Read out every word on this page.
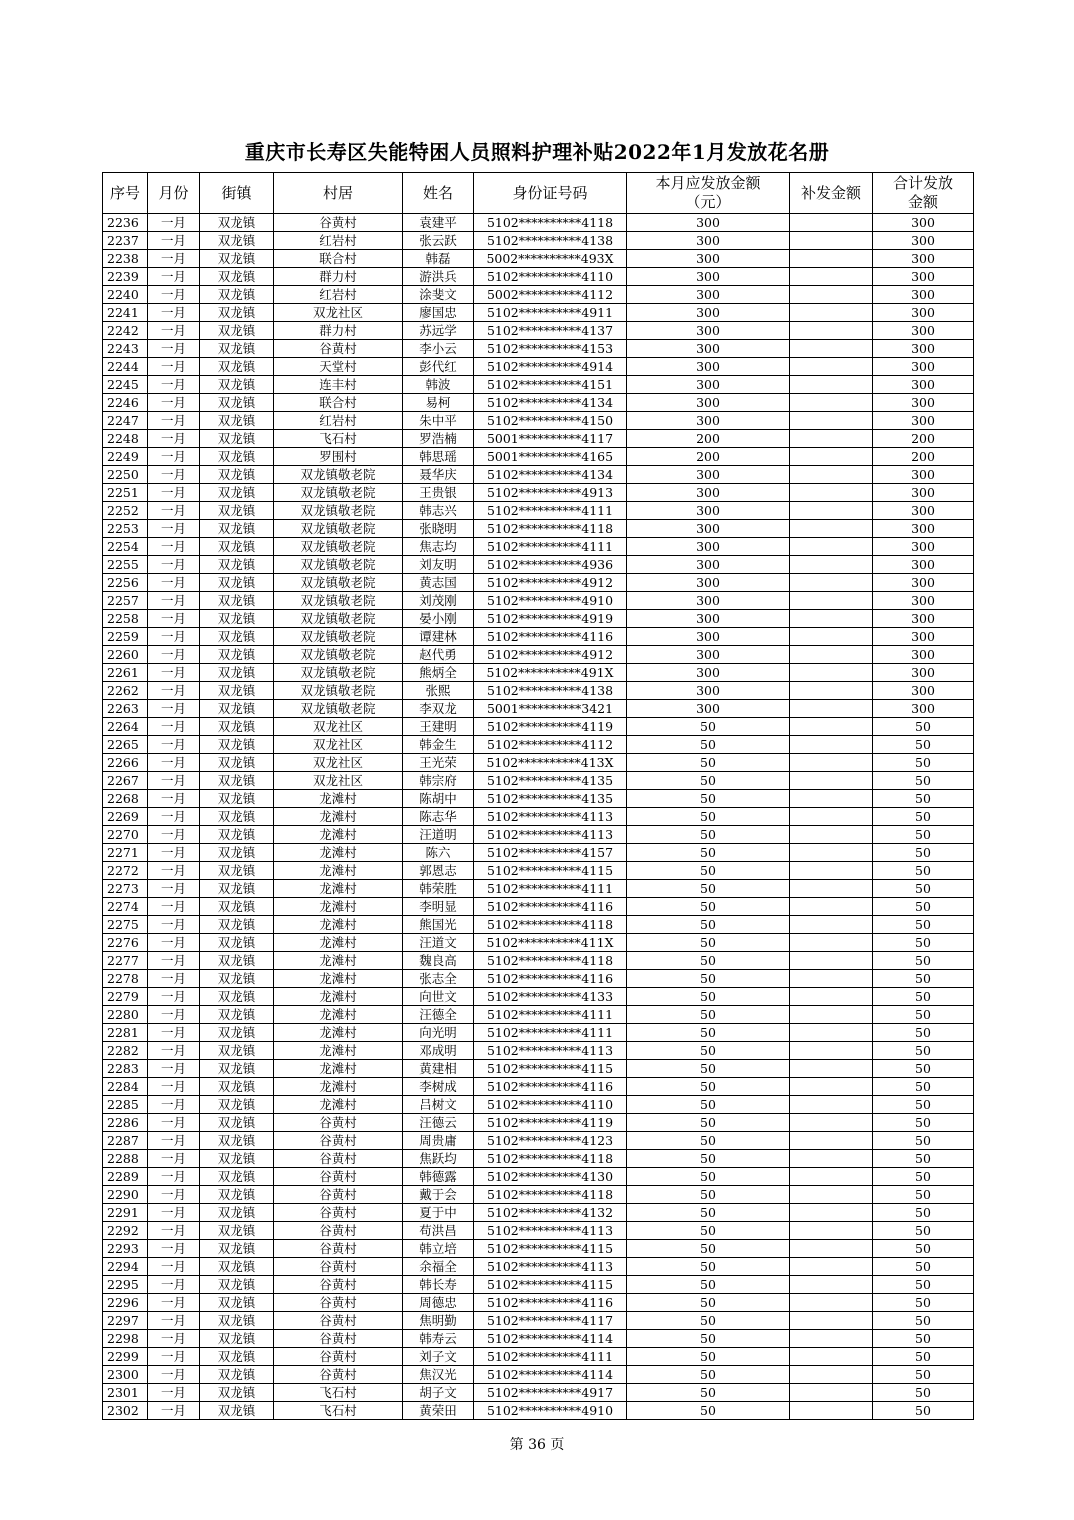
重庆市长寿区失能特困人员照料护理补贴2022年1月发放花名册
序号	月份	街镇	村居	姓名	身份证号码	本月应发放金额（元）	补发金额	合计发放金额
2236	一月	双龙镇	谷黄村	袁建平	5102**********4118	300		300
2237	一月	双龙镇	红岩村	张云跃	5102**********4138	300		300
2238	一月	双龙镇	联合村	韩磊	5002**********493X	300		300
2239	一月	双龙镇	群力村	游洪兵	5102**********4110	300		300
2240	一月	双龙镇	红岩村	涂斐文	5002**********4112	300		300
2241	一月	双龙镇	双龙社区	廖国忠	5102**********4911	300		300
2242	一月	双龙镇	群力村	苏远学	5102**********4137	300		300
2243	一月	双龙镇	谷黄村	李小云	5102**********4153	300		300
2244	一月	双龙镇	天堂村	彭代红	5102**********4914	300		300
2245	一月	双龙镇	连丰村	韩波	5102**********4151	300		300
2246	一月	双龙镇	联合村	易柯	5102**********4134	300		300
2247	一月	双龙镇	红岩村	朱中平	5102**********4150	300		300
2248	一月	双龙镇	飞石村	罗浩楠	5001**********4117	200		200
2249	一月	双龙镇	罗围村	韩思瑶	5001**********4165	200		200
2250	一月	双龙镇	双龙镇敬老院	聂华庆	5102**********4134	300		300
2251	一月	双龙镇	双龙镇敬老院	王贵银	5102**********4913	300		300
2252	一月	双龙镇	双龙镇敬老院	韩志兴	5102**********4111	300		300
2253	一月	双龙镇	双龙镇敬老院	张晓明	5102**********4118	300		300
2254	一月	双龙镇	双龙镇敬老院	焦志均	5102**********4111	300		300
2255	一月	双龙镇	双龙镇敬老院	刘友明	5102**********4936	300		300
2256	一月	双龙镇	双龙镇敬老院	黄志国	5102**********4912	300		300
2257	一月	双龙镇	双龙镇敬老院	刘茂刚	5102**********4910	300		300
2258	一月	双龙镇	双龙镇敬老院	晏小刚	5102**********4919	300		300
2259	一月	双龙镇	双龙镇敬老院	谭建林	5102**********4116	300		300
2260	一月	双龙镇	双龙镇敬老院	赵代勇	5102**********4912	300		300
2261	一月	双龙镇	双龙镇敬老院	熊炳全	5102**********491X	300		300
2262	一月	双龙镇	双龙镇敬老院	张熙	5102**********4138	300		300
2263	一月	双龙镇	双龙镇敬老院	李双龙	5001**********3421	300		300
2264	一月	双龙镇	双龙社区	王建明	5102**********4119	50		50
2265	一月	双龙镇	双龙社区	韩金生	5102**********4112	50		50
2266	一月	双龙镇	双龙社区	王光荣	5102**********413X	50		50
2267	一月	双龙镇	双龙社区	韩宗府	5102**********4135	50		50
2268	一月	双龙镇	龙滩村	陈胡中	5102**********4135	50		50
2269	一月	双龙镇	龙滩村	陈志华	5102**********4113	50		50
2270	一月	双龙镇	龙滩村	汪道明	5102**********4113	50		50
2271	一月	双龙镇	龙滩村	陈六	5102**********4157	50		50
2272	一月	双龙镇	龙滩村	郭恩志	5102**********4115	50		50
2273	一月	双龙镇	龙滩村	韩荣胜	5102**********4111	50		50
2274	一月	双龙镇	龙滩村	李明显	5102**********4116	50		50
2275	一月	双龙镇	龙滩村	熊国光	5102**********4118	50		50
2276	一月	双龙镇	龙滩村	汪道文	5102**********411X	50		50
2277	一月	双龙镇	龙滩村	魏良高	5102**********4118	50		50
2278	一月	双龙镇	龙滩村	张志全	5102**********4116	50		50
2279	一月	双龙镇	龙滩村	向世文	5102**********4133	50		50
2280	一月	双龙镇	龙滩村	汪德全	5102**********4111	50		50
2281	一月	双龙镇	龙滩村	向光明	5102**********4111	50		50
2282	一月	双龙镇	龙滩村	邓成明	5102**********4113	50		50
2283	一月	双龙镇	龙滩村	黄建相	5102**********4115	50		50
2284	一月	双龙镇	龙滩村	李树成	5102**********4116	50		50
2285	一月	双龙镇	龙滩村	吕树文	5102**********4110	50		50
2286	一月	双龙镇	谷黄村	汪德云	5102**********4119	50		50
2287	一月	双龙镇	谷黄村	周贵庸	5102**********4123	50		50
2288	一月	双龙镇	谷黄村	焦跃均	5102**********4118	50		50
2289	一月	双龙镇	谷黄村	韩德露	5102**********4130	50		50
2290	一月	双龙镇	谷黄村	戴于会	5102**********4118	50		50
2291	一月	双龙镇	谷黄村	夏于中	5102**********4132	50		50
2292	一月	双龙镇	谷黄村	苟洪昌	5102**********4113	50		50
2293	一月	双龙镇	谷黄村	韩立培	5102**********4115	50		50
2294	一月	双龙镇	谷黄村	余福全	5102**********4113	50		50
2295	一月	双龙镇	谷黄村	韩长寿	5102**********4115	50		50
2296	一月	双龙镇	谷黄村	周德忠	5102**********4116	50		50
2297	一月	双龙镇	谷黄村	焦明勤	5102**********4117	50		50
2298	一月	双龙镇	谷黄村	韩寿云	5102**********4114	50		50
2299	一月	双龙镇	谷黄村	刘子文	5102**********4111	50		50
2300	一月	双龙镇	谷黄村	焦汉光	5102**********4114	50		50
2301	一月	双龙镇	飞石村	胡子文	5102**********4917	50		50
2302	一月	双龙镇	飞石村	黄荣田	5102**********4910	50		50
第 36 页
